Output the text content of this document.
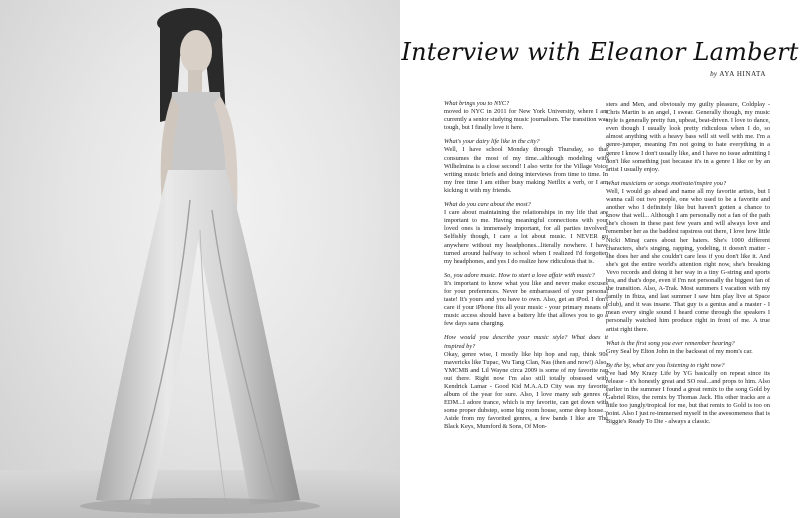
Interview with Eleanor Lambert
by AYA HINATA

What brings you to NYC?

moved to NYC in 2011 for New York University, where I am currently a senior studying music journalism. The transition was tough, but I finally love it here.

What's your dairy life like in the city?

Well, I have school Monday through Thursday, so that consumes the most of my time...although modeling with Wilhelmina is a close second! I also write for the Village Voice writing music briefs and doing interviews from time to time. In my free time I am either busy making Netflix a verb, or I am kicking it with my friends.

What do you care about the most?

I care about maintaining the relationships in my life that are important to me. Having meaningful connections with your loved ones is immensely important, for all parties involved! Selfishly though, I care a lot about music. I NEVER go anywhere without my headphones...literally nowhere. I have turned around halfway to school when I realized I'd forgotten my headphones, and yes I do realize how ridiculous that is.

So, you adore music. How to start a love affair with music?

It's important to know what you like and never make excuses for your preferences. Never be embarrassed of your personal taste! It's yours and you have to own. Also, get an iPod. I don't care if your iPhone fits all your music - your primary means of music access should have a battery life that allows you to go a few days sans charging.

How would you describe your music style? What does it inspired by?

Okay, genre wise, I mostly like hip hop and rap, think 90s mavericks like Tupac, Wu Tang Clan, Nas (then and now!) Also, YMCMB and Lil Wayne circa 2009 is some of my favorite rap out there. Right now I'm also still totally obsessed with Kendrick Lamar - Good Kid M.A.A.D City was my favorite album of the year for sure. Also, I love many sub genres of EDM...I adore trance, which is my favorite, can get down with some proper dubstep, some big room house, some deep house... Aside from my favorited genres, a few bands I like are The Black Keys, Mumford & Sons, Of Mon-

sters and Men, and obviously my guilty pleasure, Coldplay - Chris Martin is an angel, I swear. Generally though, my music style is generally pretty fun, upbeat, beat-driven. I love to dance, even though I usually look pretty ridiculous when I do, so almost anything with a heavy bass will sit well with me. I'm a genre-jumper, meaning I'm not going to hate everything in a genre I know I don't usually like, and I have no issue admitting I don't like something just because it's in a genre I like or by an artist I usually enjoy.

What musicians or songs motivate/inspire you?

Well, I would go ahead and name all my favorite artists, but I wanna call out two people, one who used to be a favorite and another who I definitely like but haven't gotten a chance to know that well... Although I am personally not a fan of the path she's chosen in these past few years and will always love and remember her as the baddest rapstress out there, I love how little Nicki Minaj cares about her haters. She's 1000 different characters, she's singing, rapping, yodeling, it doesn't matter - she does her and she couldn't care less if you don't like it. And she's got the entire world's attention right now, she's breaking Vevo records and doing it her way in a tiny G-string and sports bra, and that's dope, even if I'm not personally the biggest fan of the transition. Also, A-Trak. Most summers I vacation with my family in Ibiza, and last summer I saw him play live at Space (club), and it was insane. That guy is a genius and a master - I mean every single sound I heard come through the speakers I personally watched him produce right in front of me. A true artist right there.

What is the first song you ever remember hearing?

Grey Seal by Elton John in the backseat of my mom's car.

By the by, what are you listening to right now?

I've had My Krazy Life by YG basically on repeat since its release - it's honestly great and SO real...and props to him. Also earlier in the summer I found a great remix to the song Gold by Gabriel Rios, the remix by Thomas Jack. His other tracks are a little too jungly/tropical for me, but that remix to Gold is too on point. Also I just re-immersed myself in the awesomeness that is Biggie's Ready To Die - always a classic.
